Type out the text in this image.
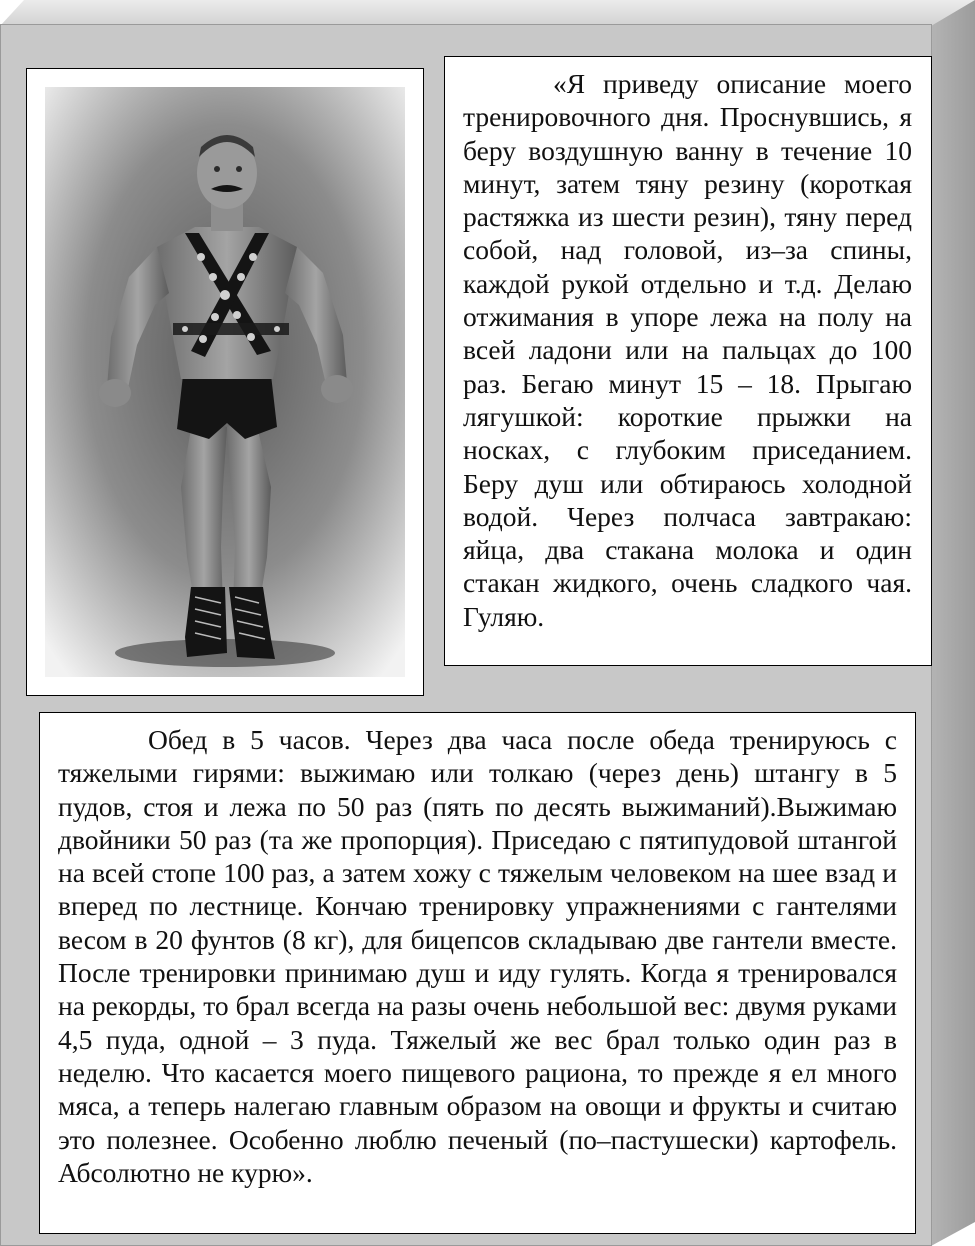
«Я приведу описание моего тренировочного дня. Проснувшись, я беру воздушную ванну в течение 10 минут, затем тяну резину (короткая растяжка из шести резин), тяну перед собой, над головой, из–за спины, каждой рукой отдельно и т.д. Делаю отжимания в упоре лежа на полу на всей ладони или на пальцах до 100 раз. Бегаю минут 15 – 18. Прыгаю лягушкой: короткие прыжки на носках, с глубоким приседанием. Беру душ или обтираюсь холодной водой. Через полчаса завтракаю: яйца, два стакана молока и один стакан жидкого, очень сладкого чая. Гуляю.

Обед в 5 часов. Через два часа после обеда тренируюсь с тяжелыми гирями: выжимаю или толкаю (через день) штангу в 5 пудов, стоя и лежа по 50 раз (пять по десять выжиманий).Выжимаю двойники 50 раз (та же пропорция). Приседаю с пятипудовой штангой на всей стопе 100 раз, а затем хожу с тяжелым человеком на шее взад и вперед по лестнице. Кончаю тренировку упражнениями с гантелями весом в 20 фунтов (8 кг), для бицепсов складываю две гантели вместе. После тренировки принимаю душ и иду гулять. Когда я тренировался на рекорды, то брал всегда на разы очень небольшой вес: двумя руками 4,5 пуда, одной – 3 пуда. Тяжелый же вес брал только один раз в неделю. Что касается моего пищевого рациона, то прежде я ел много мяса, а теперь налегаю главным образом на овощи и фрукты и считаю это полезнее. Особенно люблю печеный (по–пастушески) картофель. Абсолютно не курю».
